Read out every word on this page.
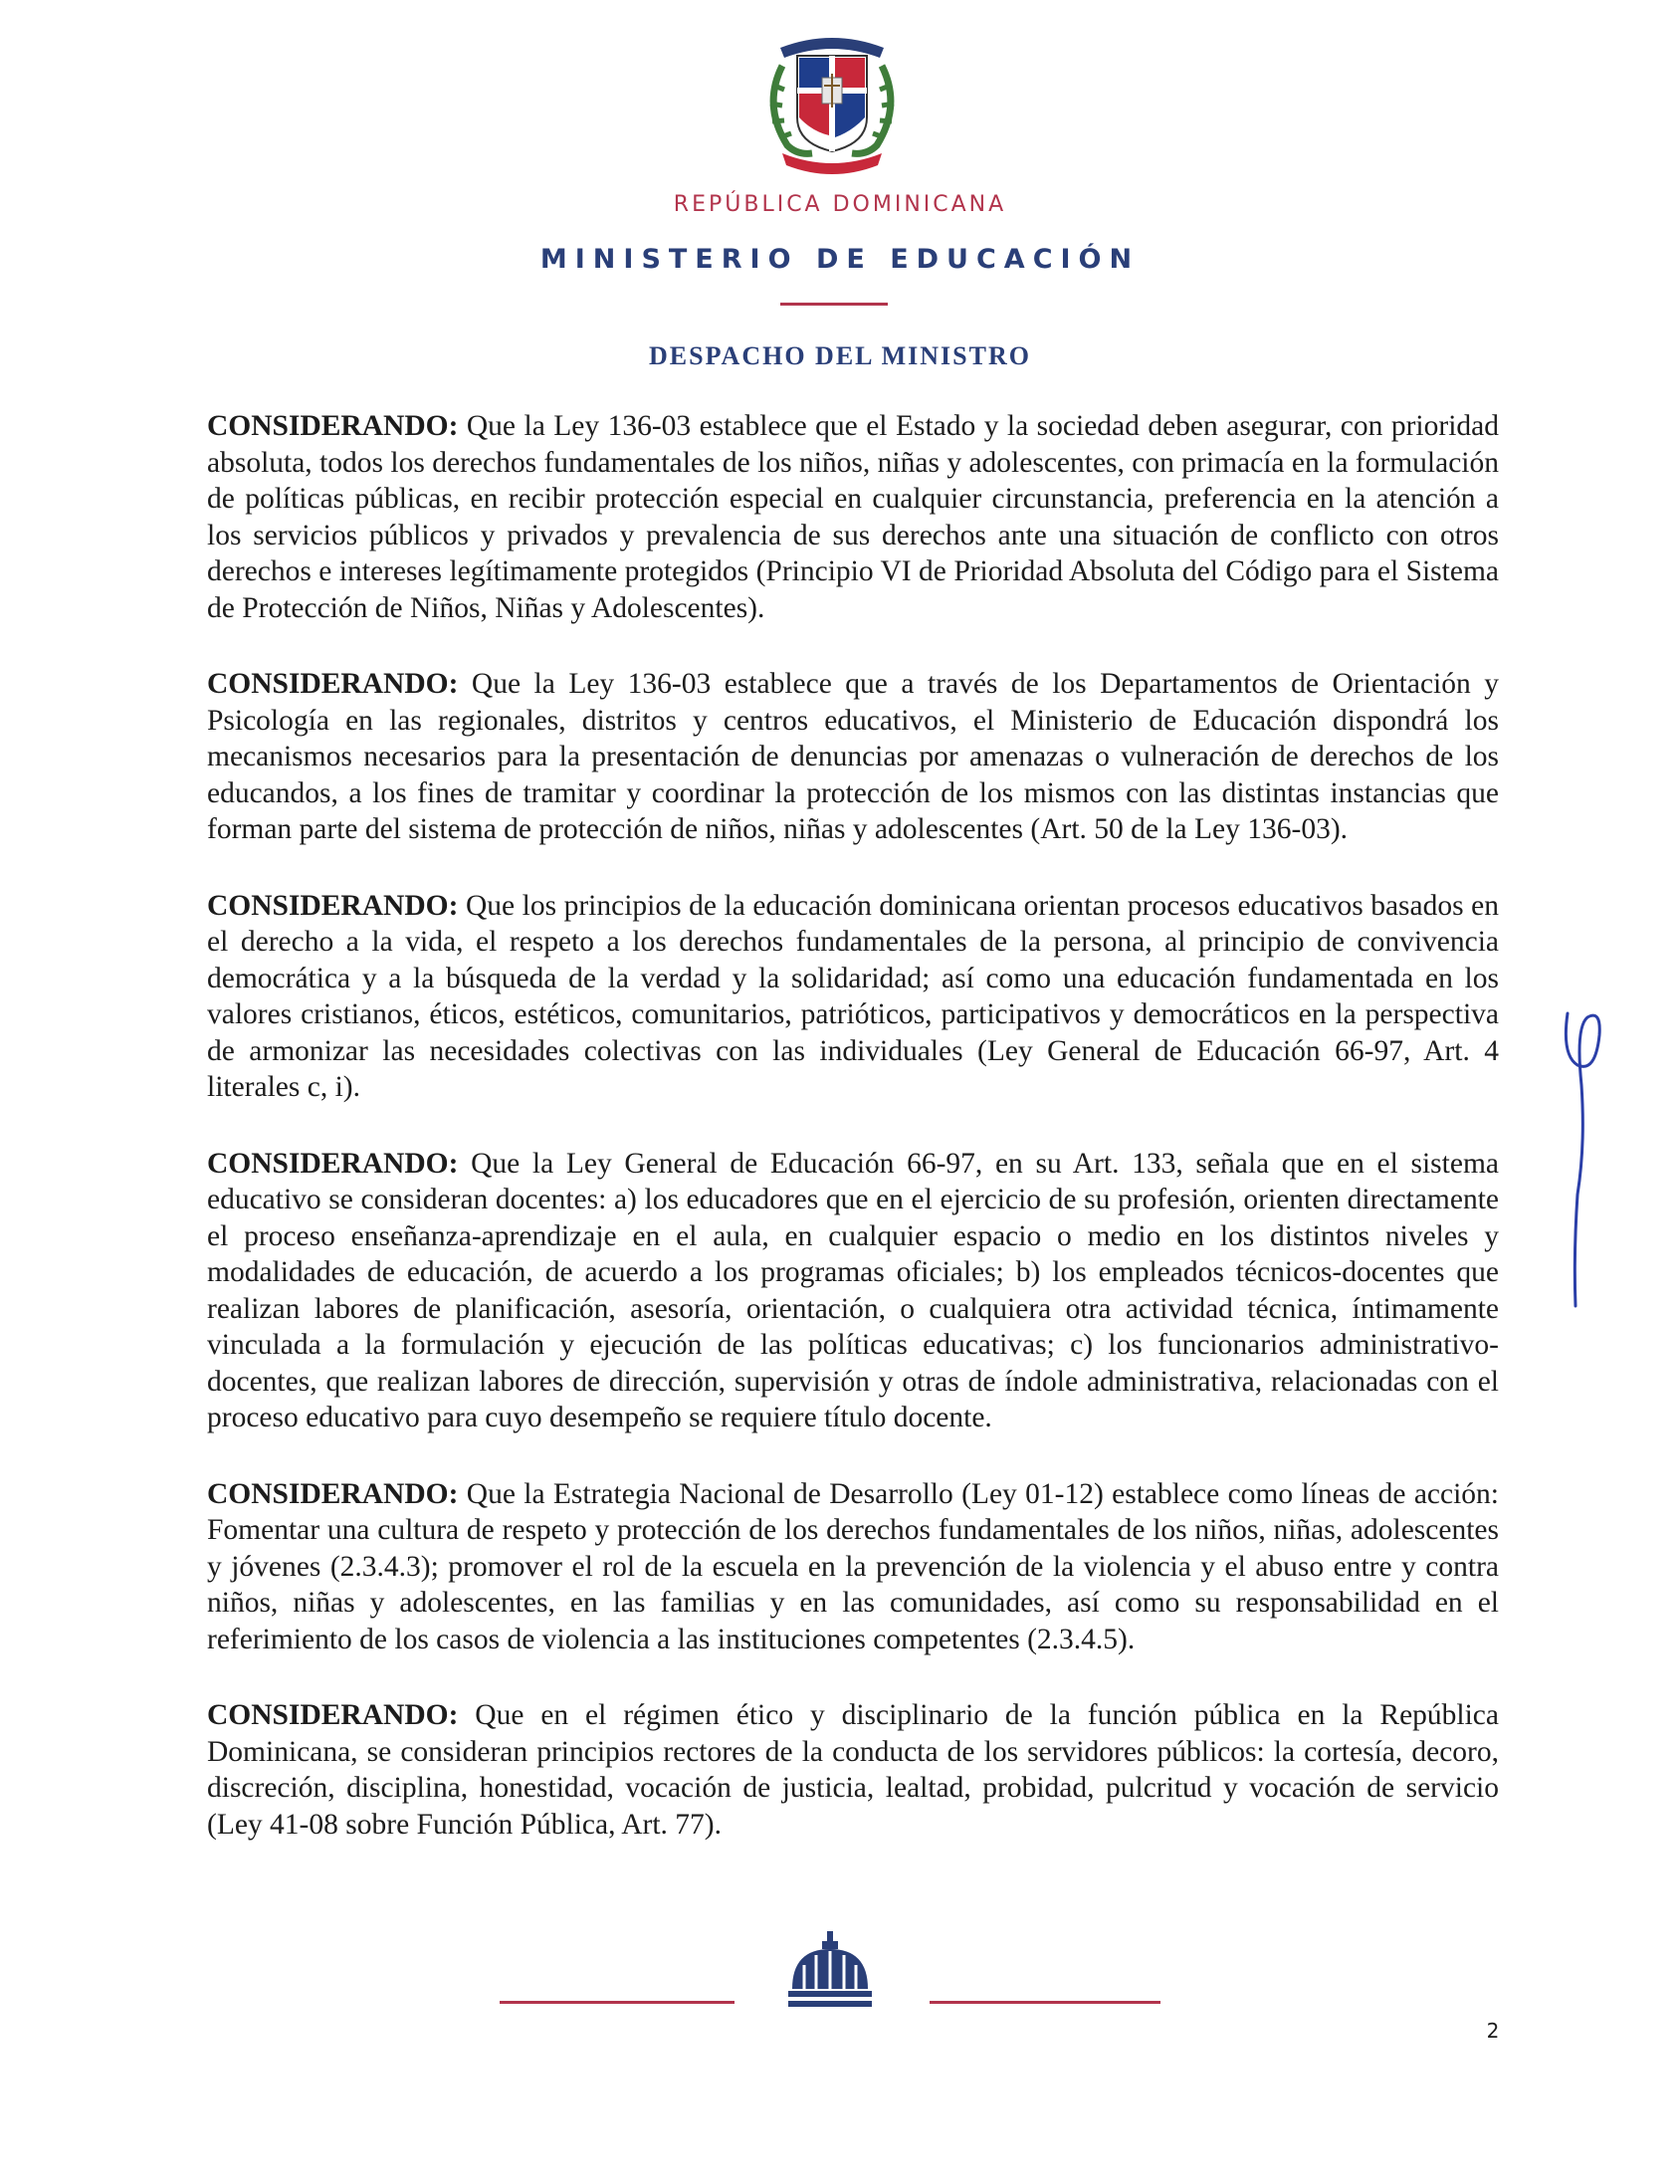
REPÚBLICA DOMINICANA
MINISTERIO DE EDUCACIÓN
DESPACHO DEL MINISTRO

CONSIDERANDO: Que la Ley 136-03 establece que el Estado y la sociedad deben asegurar, con prioridad absoluta, todos los derechos fundamentales de los niños, niñas y adolescentes, con primacía en la formulación de políticas públicas, en recibir protección especial en cualquier circunstancia, preferencia en la atención a los servicios públicos y privados y prevalencia de sus derechos ante una situación de conflicto con otros derechos e intereses legítimamente protegidos (Principio VI de Prioridad Absoluta del Código para el Sistema de Protección de Niños, Niñas y Adolescentes).

CONSIDERANDO: Que la Ley 136-03 establece que a través de los Departamentos de Orientación y Psicología en las regionales, distritos y centros educativos, el Ministerio de Educación dispondrá los mecanismos necesarios para la presentación de denuncias por amenazas o vulneración de derechos de los educandos, a los fines de tramitar y coordinar la protección de los mismos con las distintas instancias que forman parte del sistema de protección de niños, niñas y adolescentes (Art. 50 de la Ley 136-03).

CONSIDERANDO: Que los principios de la educación dominicana orientan procesos educativos basados en el derecho a la vida, el respeto a los derechos fundamentales de la persona, al principio de convivencia democrática y a la búsqueda de la verdad y la solidaridad; así como una educación fundamentada en los valores cristianos, éticos, estéticos, comunitarios, patrióticos, participativos y democráticos en la perspectiva de armonizar las necesidades colectivas con las individuales (Ley General de Educación 66-97, Art. 4 literales c, i).

CONSIDERANDO: Que la Ley General de Educación 66-97, en su Art. 133, señala que en el sistema educativo se consideran docentes: a) los educadores que en el ejercicio de su profesión, orienten directamente el proceso enseñanza-aprendizaje en el aula, en cualquier espacio o medio en los distintos niveles y modalidades de educación, de acuerdo a los programas oficiales; b) los empleados técnicos-docentes que realizan labores de planificación, asesoría, orientación, o cualquiera otra actividad técnica, íntimamente vinculada a la formulación y ejecución de las políticas educativas; c) los funcionarios administrativo-docentes, que realizan labores de dirección, supervisión y otras de índole administrativa, relacionadas con el proceso educativo para cuyo desempeño se requiere título docente.

CONSIDERANDO: Que la Estrategia Nacional de Desarrollo (Ley 01-12) establece como líneas de acción: Fomentar una cultura de respeto y protección de los derechos fundamentales de los niños, niñas, adolescentes y jóvenes (2.3.4.3); promover el rol de la escuela en la prevención de la violencia y el abuso entre y contra niños, niñas y adolescentes, en las familias y en las comunidades, así como su responsabilidad en el referimiento de los casos de violencia a las instituciones competentes (2.3.4.5).

CONSIDERANDO: Que en el régimen ético y disciplinario de la función pública en la República Dominicana, se consideran principios rectores de la conducta de los servidores públicos: la cortesía, decoro, discreción, disciplina, honestidad, vocación de justicia, lealtad, probidad, pulcritud y vocación de servicio (Ley 41-08 sobre Función Pública, Art. 77).

2
